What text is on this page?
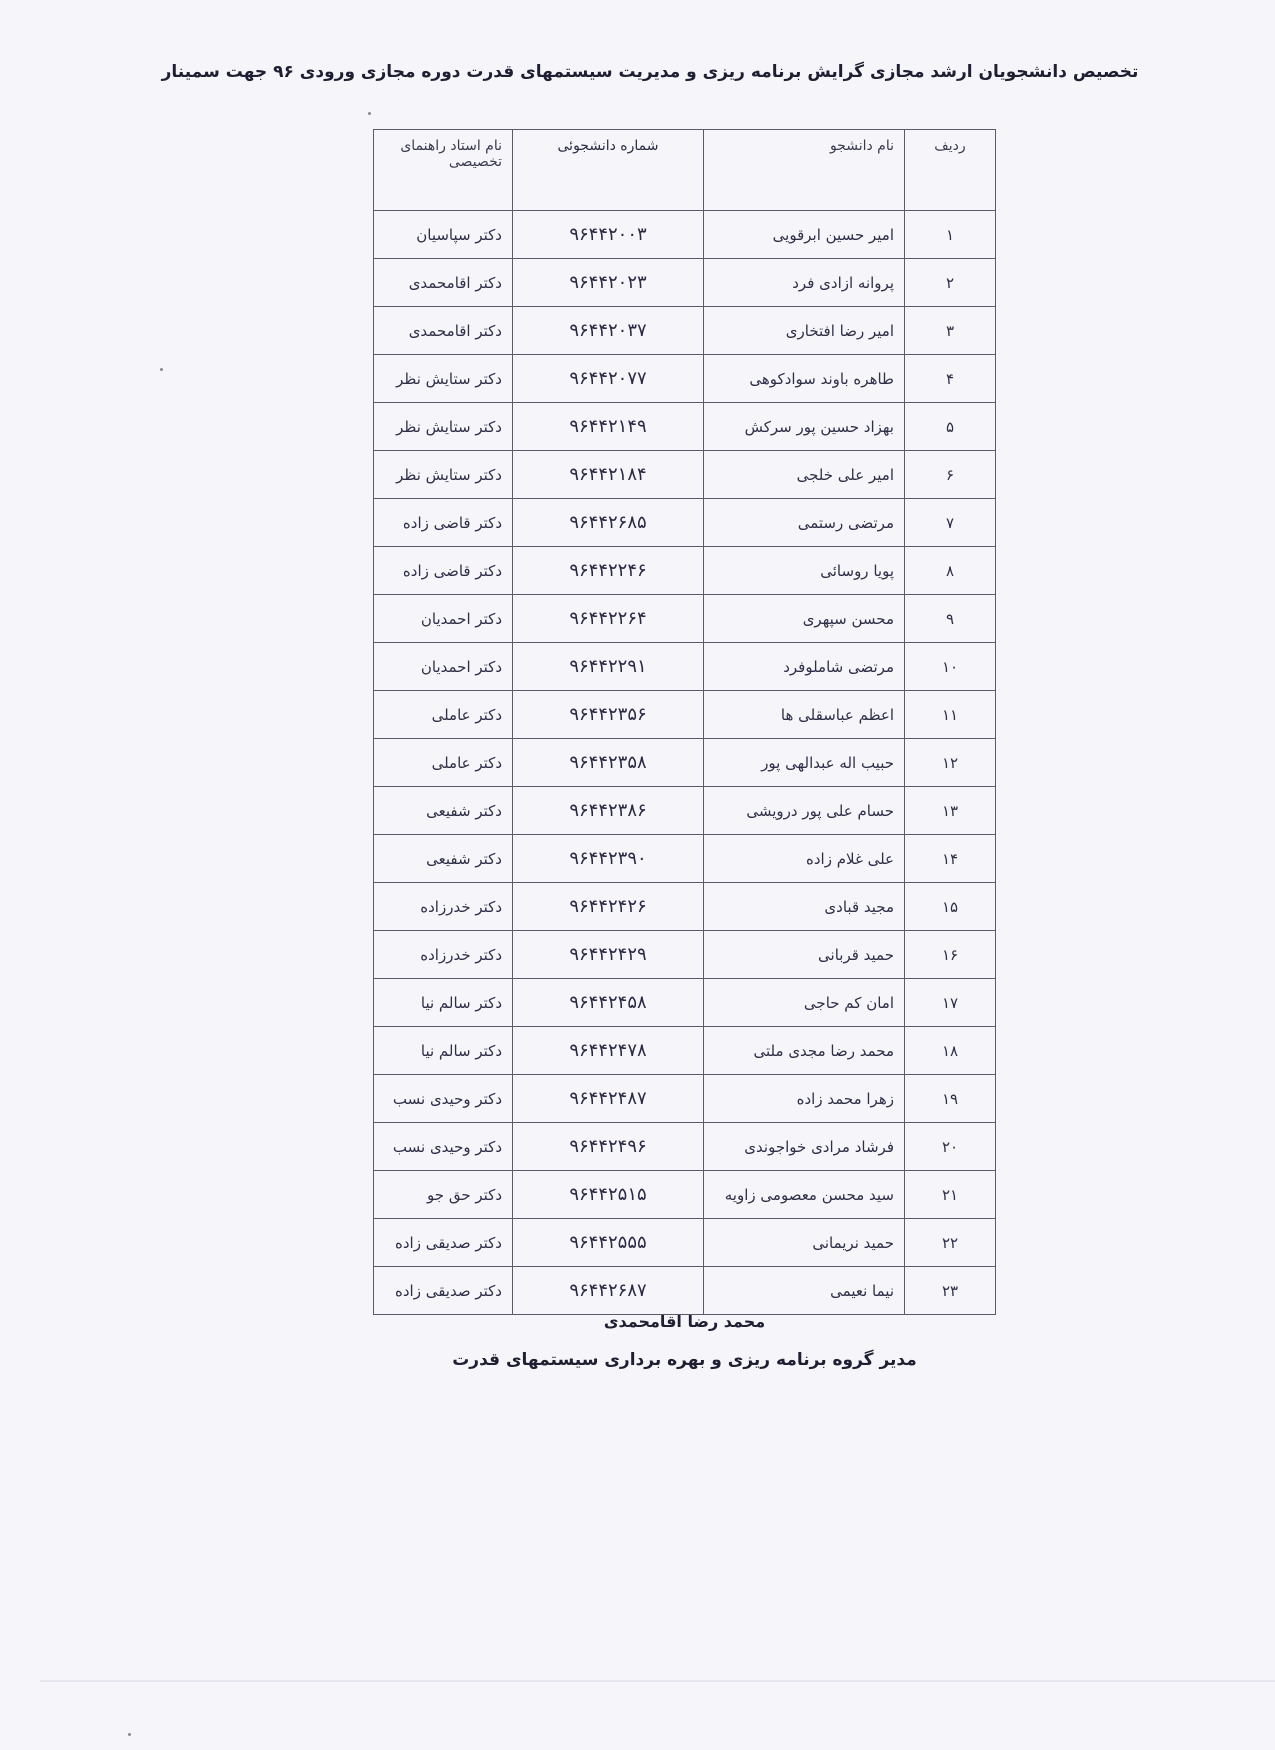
تخصیص دانشجویان ارشد مجازی گرایش برنامه ریزی و مدیریت سیستمهای قدرت دوره مجازی ورودی ۹۶ جهت سمینار
ردیف	نام دانشجو	شماره دانشجوئی	نام استاد راهنمای تخصیصی
۱	امیر حسین ابرقویی	۹۶۴۴۲۰۰۳	دکتر سپاسیان
۲	پروانه ازادی فرد	۹۶۴۴۲۰۲۳	دکتر اقامحمدی
۳	امیر رضا افتخاری	۹۶۴۴۲۰۳۷	دکتر اقامحمدی
۴	طاهره باوند سوادکوهی	۹۶۴۴۲۰۷۷	دکتر ستایش نظر
۵	بهزاد حسین پور سرکش	۹۶۴۴۲۱۴۹	دکتر ستایش نظر
۶	امیر علی خلجی	۹۶۴۴۲۱۸۴	دکتر ستایش نظر
۷	مرتضی رستمی	۹۶۴۴۲۶۸۵	دکتر قاضی زاده
۸	پویا روسائی	۹۶۴۴۲۲۴۶	دکتر قاضی زاده
۹	محسن سپهری	۹۶۴۴۲۲۶۴	دکتر احمدیان
۱۰	مرتضی شاملوفرد	۹۶۴۴۲۲۹۱	دکتر احمدیان
۱۱	اعظم عباسقلی ها	۹۶۴۴۲۳۵۶	دکتر عاملی
۱۲	حبیب اله عبدالهی پور	۹۶۴۴۲۳۵۸	دکتر عاملی
۱۳	حسام علی پور درویشی	۹۶۴۴۲۳۸۶	دکتر شفیعی
۱۴	علی غلام زاده	۹۶۴۴۲۳۹۰	دکتر شفیعی
۱۵	مجید قبادی	۹۶۴۴۲۴۲۶	دکتر خدرزاده
۱۶	حمید قربانی	۹۶۴۴۲۴۲۹	دکتر خدرزاده
۱۷	امان کم حاجی	۹۶۴۴۲۴۵۸	دکتر سالم نیا
۱۸	محمد رضا مجدی ملتی	۹۶۴۴۲۴۷۸	دکتر سالم نیا
۱۹	زهرا محمد زاده	۹۶۴۴۲۴۸۷	دکتر وحیدی نسب
۲۰	فرشاد مرادی خواجوندی	۹۶۴۴۲۴۹۶	دکتر وحیدی نسب
۲۱	سید محسن معصومی زاویه	۹۶۴۴۲۵۱۵	دکتر حق جو
۲۲	حمید نریمانی	۹۶۴۴۲۵۵۵	دکتر صدیقی زاده
۲۳	نیما نعیمی	۹۶۴۴۲۶۸۷	دکتر صدیقی زاده
محمد رضا اقامحمدی
مدیر گروه برنامه ریزی و بهره برداری سیستمهای قدرت
